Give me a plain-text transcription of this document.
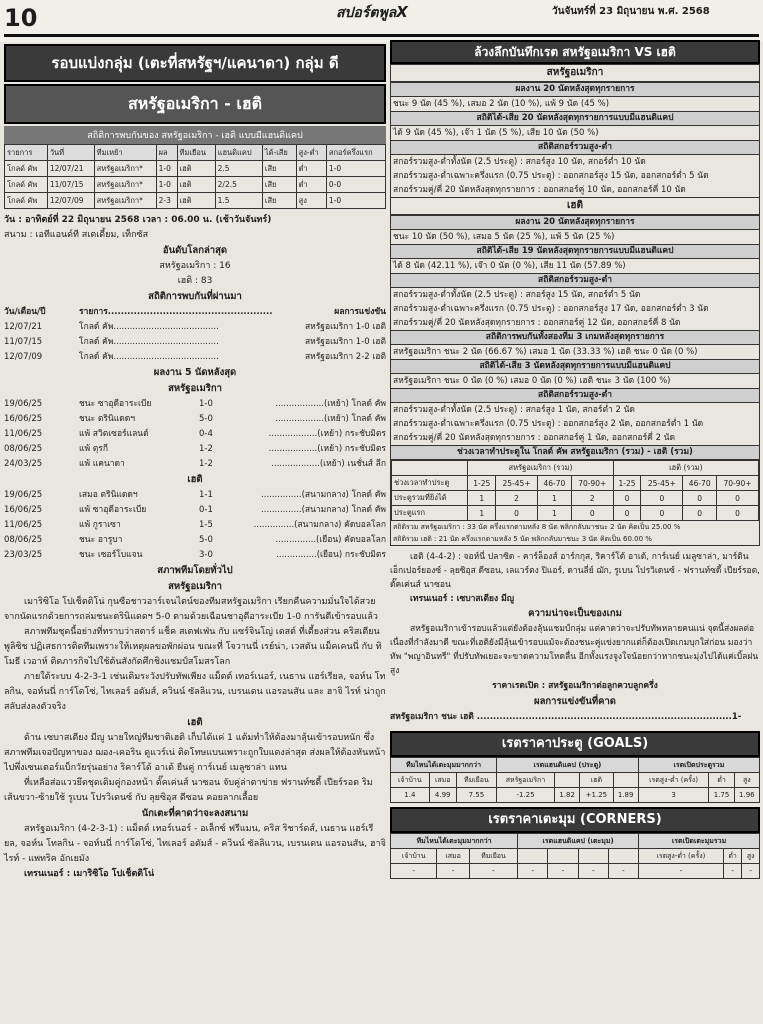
10	สปอร์ตพูลX	วันจันทร์ที่ 23 มิถุนายน พ.ศ. 2568
รอบแบ่งกลุ่ม (เตะที่สหรัฐฯ/แคนาดา) กลุ่ม ดี
สหรัฐอเมริกา - เฮติ
สถิติการพบกันของ สหรัฐอเมริกา - เฮติ แบบมีแฮนดิแคป
รายการ	วันที่	ทีมเหย้า	ผล	ทีมเยือน	แฮนดิแคป	ได้-เสีย	สูง-ต่ำ	สกอร์ครึ่งแรก
โกลด์ คัพ	12/07/21	สหรัฐอเมริกา*	1-0	เฮติ	2.5	เสีย	ต่ำ	1-0
โกลด์ คัพ	11/07/15	สหรัฐอเมริกา*	1-0	เฮติ	2/2.5	เสีย	ต่ำ	0-0
โกลด์ คัพ	12/07/09	สหรัฐอเมริกา*	2-3	เฮติ	1.5	เสีย	สูง	1-0
วัน : อาทิตย์ที่ 22 มิถุนายน 2568 เวลา : 06.00 น. (เช้าวันจันทร์)
สนาม : เอทีแอนด์ที สเตเดี้ยม, เท็กซัส
อันดับโลกล่าสุด
สหรัฐอเมริกา : 16
เฮติ : 83
สถิติการพบกันที่ผ่านมา
วัน/เดือน/ปี	รายการ...................................................	ผลการแข่งขัน
12/07/21	โกลด์ คัพ.......................................	สหรัฐอเมริกา 1-0 เฮติ
11/07/15	โกลด์ คัพ.......................................	สหรัฐอเมริกา 1-0 เฮติ
12/07/09	โกลด์ คัพ.......................................	สหรัฐอเมริกา 2-2 เฮติ
ผลงาน 5 นัดหลังสุด
สหรัฐอเมริกา
19/06/25	ชนะ ซาอุดีอาระเบีย	1-0	..................(เหย้า) โกลด์ คัพ
16/06/25	ชนะ ตรินิแดดฯ	5-0	..................(เหย้า) โกลด์ คัพ
11/06/25	แพ้ สวิตเซอร์แลนด์	0-4	..................(เหย้า) กระชับมิตร
08/06/25	แพ้ ตุรกี	1-2	..................(เหย้า) กระชับมิตร
24/03/25	แพ้ แคนาดา	1-2	..................(เหย้า) เนชั่นส์ ลีก
เฮติ
19/06/25	เสมอ ตรินิแดดฯ	1-1	...............(สนามกลาง) โกลด์ คัพ
16/06/25	แพ้ ซาอุดีอาระเบีย	0-1	...............(สนามกลาง) โกลด์ คัพ
11/06/25	แพ้ กูราเซา	1-5	...............(สนามกลาง) คัดบอลโลก
08/06/25	ชนะ อารูบา	5-0	...............(เยือน) คัดบอลโลก
23/03/25	ชนะ เซอร์โบแจน	3-0	...............(เยือน) กระชับมิตร
สภาพทีมโดยทั่วไป
สหรัฐอเมริกา

เมาริซิโอ โปเช็ตติโน่ กุนซือชาวอาร์เจนไตน์ของทีมสหรัฐอเมริกา เรียกคืนความมั่นใจได้สวยจากนัดแรกด้วยการถล่มชนะตรินิแดดฯ 5-0 ตามด้วยเฉือนชาอุดีอาระเบีย 1-0 การันตีเข้ารอบแล้ว

สภาพทีมชุดนี้อย่างที่ทราบว่าสตาร์ แช็ค สเตฟเฟ่น กับ แซร์จินโญ่ เดสต์ ที่เดี้ยงส่วน คริสเตียน พูลิซิช ปฏิเสธการติดทีมเพราะให้เหตุผลขอพักผ่อน ขณะที่ โจวานนี่ เรย์น่า, เวสตัน แม็คเคนนี่ กับ ทิโมธี เวอาห์ ติดภารกิจไปใช้ต้นสังกัดศึกชิงแชมป์สโมสรโลก

ภายใต้ระบบ 4-2-3-1 เช่นเดิมระวังปรับทัพเพียง แม็ตต์ เทอร์เนอร์, เนธาน แฮร์เรียล, จอห์น โทลกิน, จอห์นนี่ การ์โดโซ่, ไทเลอร์ อดัมส์, ควินน์ ซัลลิแวน, เบรนเดน แอรอนสัน และ ฮาจิ ไรท์ น่าถูกสลับส่งลงตัวจริง

เฮติ

ด้าน เซบาสเตียง มีญู นายใหญ่ทีมชาติเฮติ เก็บได้แค่ 1 แต้มทำให้ต้องมาลุ้นเข้ารอบหนัก ซึ่งสภาพทีมเจอปัญหาของ ฌอง-เคอริน ดูแวร์เน่ ติดโทษแบนเพราะถูกใบแดงล่าสุด ส่งผลให้ต้องหันหน้าไปพึ่งเซนเตอร์แบ็กวัยรุ่นอย่าง ริคาร์โด้ อาเด้ ยืนคู่ การ์เนย์ เมลูซาล่า แทน

ที่เหลือส่อแววยึดชุดเดิมคู่กองหน้า ดั๊คเค่นส์ นาซอน จับคู่ล่าตาข่าย ฟรานท์ซดี้ เปียร์รอต ริมเส้นขวา-ซ้ายใช้ รูเบน โปรวิเดนซ์ กับ ลุยซิอุส ดีซอน คอยลากเลื้อย

นักเตะที่คาดว่าจะลงสนาม

สหรัฐอเมริกา (4-2-3-1) : แม็ตต์ เทอร์เนอร์ - อเล็กซ์ ฟรีแมน, คริส ริชาร์ดส์, เนธาน แฮร์เรียล, จอห์น โทลกิน - จอห์นนี่ การ์โดโซ่, ไทเลอร์ อดัมส์ - ควินน์ ซัลลิแวน, เบรนเดน แอรอนสัน, ฮาจิ ไรท์ - แพทริค อักเยมัง

เทรนเนอร์ : เมาริซิโอ โปเช็ตติโน่

ล้วงลึกบันทึกเรต สหรัฐอเมริกา VS เฮติ
สหรัฐอเมริกา
ผลงาน 20 นัดหลังสุดทุกรายการ
ชนะ 9 นัด (45 %), เสมอ 2 นัด (10 %), แพ้ 9 นัด (45 %)
สถิติได้-เสีย 20 นัดหลังสุดทุกรายการแบบมีแฮนดิแคป
ได้ 9 นัด (45 %), เจ๊า 1 นัด (5 %), เสีย 10 นัด (50 %)
สถิติสกอร์รวมสูง-ต่ำ
สกอร์รวมสูง-ต่ำทั้งนัด (2.5 ประตู) : สกอร์สูง 10 นัด, สกอร์ต่ำ 10 นัด
สกอร์รวมสูง-ต่ำเฉพาะครึ่งแรก (0.75 ประตู) : ออกสกอร์สูง 15 นัด, ออกสกอร์ต่ำ 5 นัด
สกอร์รวมคู่/คี่ 20 นัดหลังสุดทุกรายการ : ออกสกอร์คู่ 10 นัด, ออกสกอร์คี่ 10 นัด
เฮติ
ผลงาน 20 นัดหลังสุดทุกรายการ
ชนะ 10 นัด (50 %), เสมอ 5 นัด (25 %), แพ้ 5 นัด (25 %)
สถิติได้-เสีย 19 นัดหลังสุดทุกรายการแบบมีแฮนดิแคป
ได้ 8 นัด (42.11 %), เจ๊า 0 นัด (0 %), เสีย 11 นัด (57.89 %)
สถิติสกอร์รวมสูง-ต่ำ
สกอร์รวมสูง-ต่ำทั้งนัด (2.5 ประตู) : สกอร์สูง 15 นัด, สกอร์ต่ำ 5 นัด
สกอร์รวมสูง-ต่ำเฉพาะครึ่งแรก (0.75 ประตู) : ออกสกอร์สูง 17 นัด, ออกสกอร์ต่ำ 3 นัด
สกอร์รวมคู่/คี่ 20 นัดหลังสุดทุกรายการ : ออกสกอร์คู่ 12 นัด, ออกสกอร์คี่ 8 นัด
สถิติการพบกันทั้งสองทีม 3 เกมหลังสุดทุกรายการ
สหรัฐอเมริกา ชนะ 2 นัด (66.67 %) เสมอ 1 นัด (33.33 %) เฮติ ชนะ 0 นัด (0 %)
สถิติได้-เสีย 3 นัดหลังสุดทุกรายการแบบมีแฮนดิแคป
สหรัฐอเมริกา ชนะ 0 นัด (0 %) เสมอ 0 นัด (0 %) เฮติ ชนะ 3 นัด (100 %)
สถิติสกอร์รวมสูง-ต่ำ
สกอร์รวมสูง-ต่ำทั้งนัด (2.5 ประตู) : สกอร์สูง 1 นัด, สกอร์ต่ำ 2 นัด
สกอร์รวมสูง-ต่ำเฉพาะครึ่งแรก (0.75 ประตู) : ออกสกอร์สูง 2 นัด, ออกสกอร์ต่ำ 1 นัด
สกอร์รวมคู่/คี่ 20 นัดหลังสุดทุกรายการ : ออกสกอร์คู่ 1 นัด, ออกสกอร์คี่ 2 นัด
ช่วงเวลาทำประตูใน โกลด์ คัพ สหรัฐอเมริกา (รวม) - เฮติ (รวม)
	สหรัฐอเมริกา (รวม)				เฮติ (รวม)			
ช่วงเวลาทำประตู	1-25	25-45+	46-70	70-90+	1-25	25-45+	46-70	70-90+
ประตูรวมที่ยิงได้	1	2	1	2	0	0	0	0
ประตูแรก	1	0	1	0	0	0	0	0
สถิติรวม สหรัฐอเมริกา : 33 นัด ครึ่งแรกตามหลัง 8 นัด พลิกกลับมาชนะ 2 นัด คิดเป็น 25.00 %
สถิติรวม เฮติ : 21 นัด ครึ่งแรกตามหลัง 5 นัด พลิกกลับมาชนะ 3 นัด คิดเป็น 60.00 %

เฮติ (4-4-2) : จอห์นี่ ปลาซิด - คาร์ล็องส์ อาร์กกุส, ริคาร์โด้ อาเด้, การ์เนย์ เมลูซาล่า, มาร์ติน เอ็กเปอร์ยองซ์ - ลุยซิอุส ดีซอน, เลแวร์ตง ปิแอร์, ดานลี่ย์ ฌัก, รูเบน โปรวิเดนซ์ - ฟรานท์ซดี้ เปียร์รอต, ดั๊คเค่นส์ นาซอน

เทรนเนอร์ : เซบาสเตียง มีญู

ความน่าจะเป็นของเกม

สหรัฐอเมริกาเข้ารอบแล้วแต่ยังต้องลุ้นแชมป์กลุ่ม แต่คาดว่าจะปรับทัพหลายคนแน่ จุดนี้ส่งผลต่อเนื่องที่กำลังมาดี ขณะที่เฮติยังมีลุ้นเข้ารอบแม้จะต้องชนะคู่แข่งยากแต่ก็ต้องเปิดเกมบุกใส่ก่อน มองว่าทัพ "พญาอินทรี" ที่ปรับทัพเยอะจะขาดความโหดลื่น อีกทั้งแรงจูงใจน้อยกว่าหากชนะมุ่งไปได้แค่เบิ้ลฝนสูง

ราคาเรตเปิด : สหรัฐอเมริกาต่อลูกควบลูกครึ่ง
ผลการแข่งขันที่คาด
สหรัฐอเมริกา ชนะ เฮติ ...............................................................................1-
เรตราคาประตู (GOALS)
ทีมไหนได้เตะมุมมากกว่า			เรตแฮนดิแคป (ประตู)				เรตเปิดประตูรวม		
เจ้าบ้าน	เสมอ	ทีมเยือน	สหรัฐอเมริกา		เฮติ		เรตสูง-ต่ำ (ครั้ง)	ต่ำ	สูง
1.4	4.99	7.55	-1.25	1.82	+1.25	1.89	3	1.75	1.96
เรตราคาเตะมุม (CORNERS)
ทีมไหนได้เตะมุมมากกว่า			เรตแฮนดิแคป (เตะมุม)				เรตเปิดเตะมุมรวม		
เจ้าบ้าน	เสมอ	ทีมเยือน					เรตสูง-ต่ำ (ครั้ง)	ต่ำ	สูง
-	-	-	-	-	-	-	-	-	-
